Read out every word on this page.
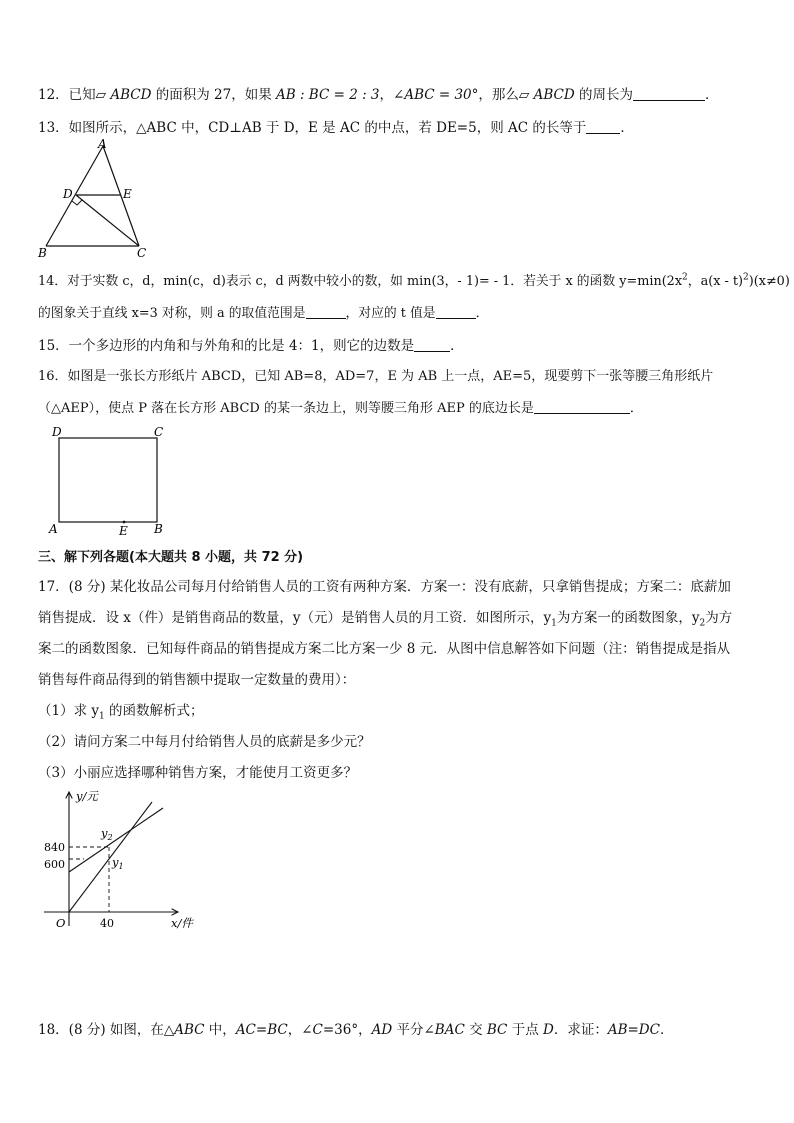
12．已知▱ ABCD 的面积为 27，如果 AB : BC = 2 : 3，∠ABC = 30°，那么▱ ABCD 的周长为	．
13．如图所示，△ABC 中，CD⊥AB 于 D，E 是 AC 的中点，若 DE=5，则 AC 的长等于	．
A
D	E
B	C
14．对于实数 c，d，min(c，d)表示 c，d 两数中较小的数，如 min(3，- 1)= - 1．若关于 x 的函数 $y=\min(2x^2$，a(x - t)$^2$)(x≠0)
的图象关于直线 x=3 对称，则 a 的取值范围是	，对应的 t 值是	．
15．一个多边形的内角和与外角和的比是 4：1，则它的边数是	．
16．如图是一张长方形纸片 ABCD，已知 AB=8，AD=7，E 为 AB 上一点，AE=5，现要剪下一张等腰三角形纸片
（△AEP），使点 P 落在长方形 ABCD 的某一条边上，则等腰三角形 AEP 的底边长是	．
D	C
A	E B
三、解下列各题(本大题共 8 小题，共 72 分)
17．(8 分) 某化妆品公司每月付给销售人员的工资有两种方案．方案一：没有底薪，只拿销售提成；方案二：底薪加
销售提成．设 x（件）是销售商品的数量，y（元）是销售人员的月工资．如图所示，$y_1$为方案一的函数图象，$y_2$为方
案二的函数图象．已知每件商品的销售提成方案二比方案一少 8 元．从图中信息解答如下问题（注：销售提成是指从
销售每件商品得到的销售额中提取一定数量的费用）：
（1）求 $y_1$ 的函数解析式；
（2）请问方案二中每月付给销售人员的底薪是多少元？
（3）小丽应选择哪种销售方案，才能使月工资更多？
y/元
x/件
O
840
600
40
$y_2$
$y_1$
18．(8 分) 如图，在△ABC 中，AC=BC，∠C=36°，AD 平分∠BAC 交 BC 于点 D．求证：AB=DC．
